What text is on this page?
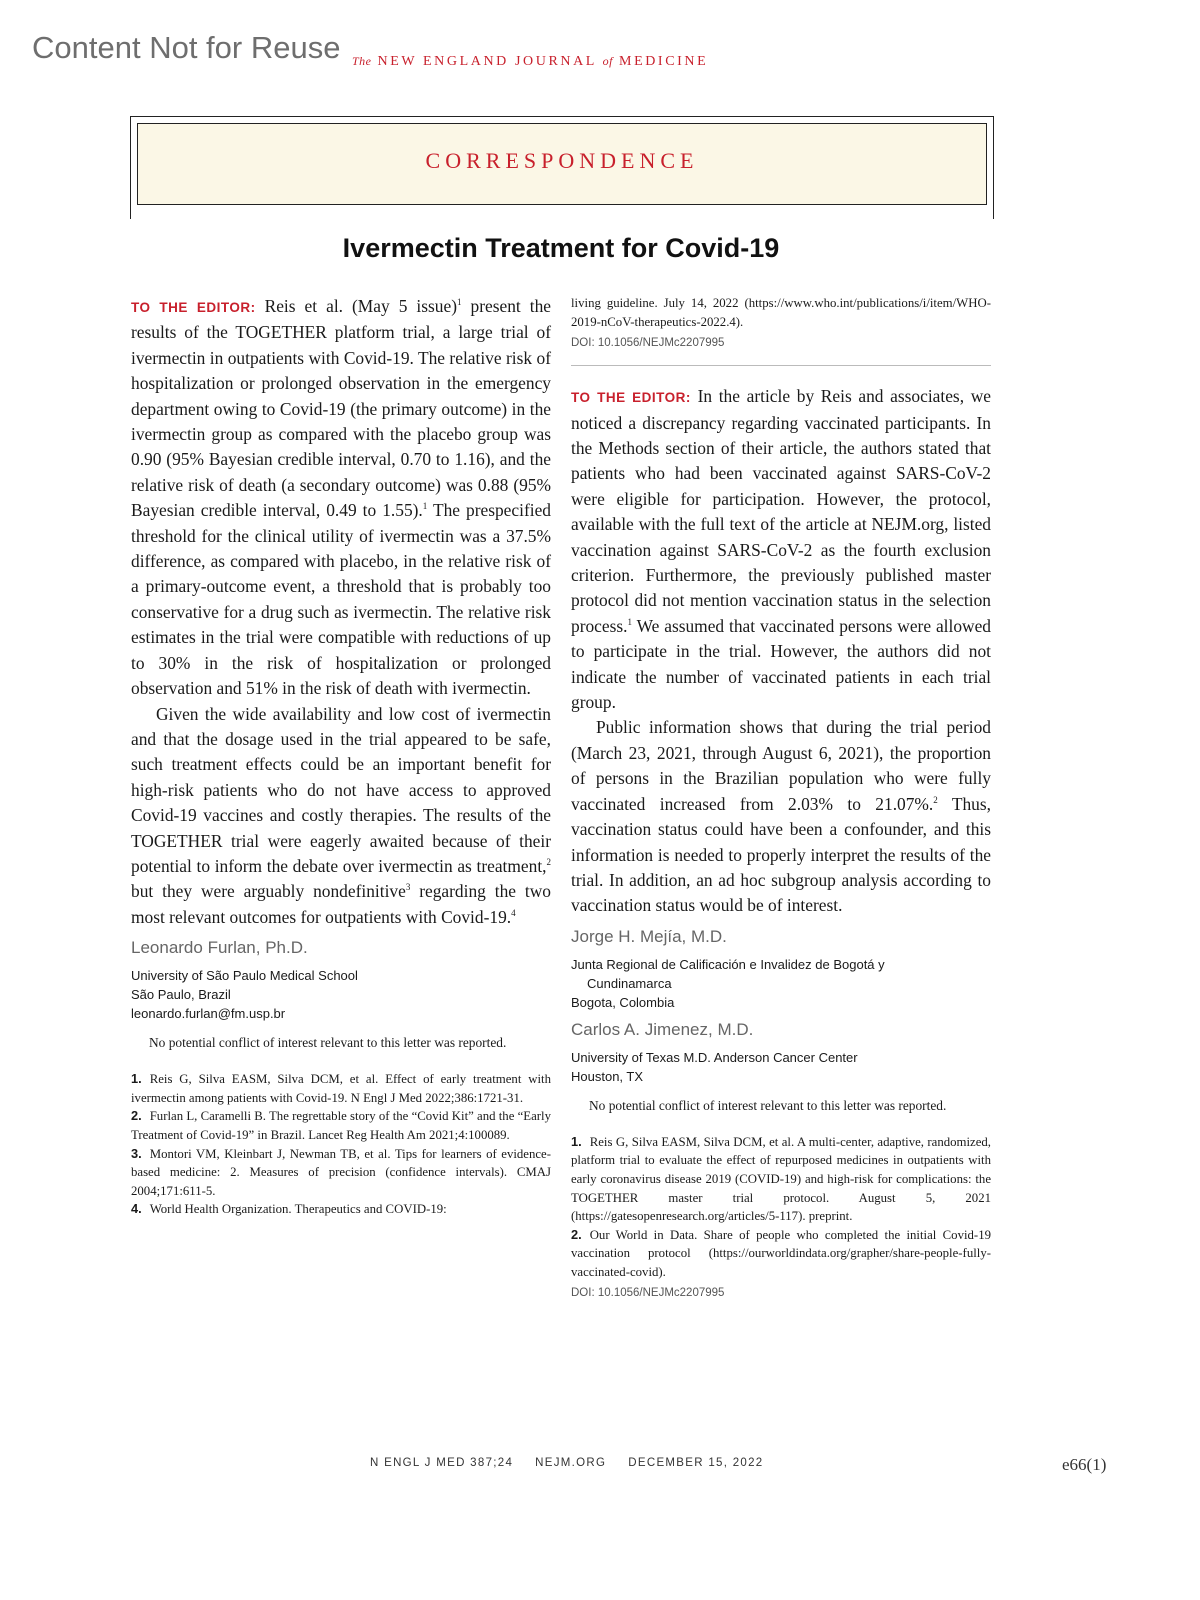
Content Not for Reuse The NEW ENGLAND JOURNAL of MEDICINE
CORRESPONDENCE
Ivermectin Treatment for Covid-19

TO THE EDITOR: Reis et al. (May 5 issue)$^1$ present the results of the TOGETHER platform trial, a large trial of ivermectin in outpatients with Covid-19. The relative risk of hospitalization or prolonged observation in the emergency department owing to Covid-19 (the primary outcome) in the ivermectin group as compared with the placebo group was 0.90 (95% Bayesian credible interval, 0.70 to 1.16), and the relative risk of death (a secondary outcome) was 0.88 (95% Bayesian credible interval, 0.49 to 1.55).$^1$ The prespecified threshold for the clinical utility of ivermectin was a 37.5% difference, as compared with placebo, in the relative risk of a primary-outcome event, a threshold that is probably too conservative for a drug such as ivermectin. The relative risk estimates in the trial were compatible with reductions of up to 30% in the risk of hospitalization or prolonged observation and 51% in the risk of death with ivermectin.

Given the wide availability and low cost of ivermectin and that the dosage used in the trial appeared to be safe, such treatment effects could be an important benefit for high-risk patients who do not have access to approved Covid-19 vaccines and costly therapies. The results of the TOGETHER trial were eagerly awaited because of their potential to inform the debate over ivermectin as treatment,$^2$ but they were arguably nondefinitive$^3$ regarding the two most relevant outcomes for outpatients with Covid-19.$^4$

Leonardo Furlan, Ph.D.
University of São Paulo Medical School
São Paulo, Brazil
leonardo.furlan@fm.usp.br
No potential conflict of interest relevant to this letter was reported.
1. Reis G, Silva EASM, Silva DCM, et al. Effect of early treatment with ivermectin among patients with Covid-19. N Engl J Med 2022;386:1721-31.
2. Furlan L, Caramelli B. The regrettable story of the “Covid Kit” and the “Early Treatment of Covid-19” in Brazil. Lancet Reg Health Am 2021;4:100089.
3. Montori VM, Kleinbart J, Newman TB, et al. Tips for learners of evidence-based medicine: 2. Measures of precision (confidence intervals). CMAJ 2004;171:611-5.
4. World Health Organization. Therapeutics and COVID-19:
living guideline. July 14, 2022 (https://www.who.int/publications/i/item/WHO-2019-nCoV-therapeutics-2022.4).
DOI: 10.1056/NEJMc2207995

TO THE EDITOR: In the article by Reis and associates, we noticed a discrepancy regarding vaccinated participants. In the Methods section of their article, the authors stated that patients who had been vaccinated against SARS-CoV-2 were eligible for participation. However, the protocol, available with the full text of the article at NEJM.org, listed vaccination against SARS-CoV-2 as the fourth exclusion criterion. Furthermore, the previously published master protocol did not mention vaccination status in the selection process.$^1$ We assumed that vaccinated persons were allowed to participate in the trial. However, the authors did not indicate the number of vaccinated patients in each trial group.

Public information shows that during the trial period (March 23, 2021, through August 6, 2021), the proportion of persons in the Brazilian population who were fully vaccinated increased from 2.03% to 21.07%.$^2$ Thus, vaccination status could have been a confounder, and this information is needed to properly interpret the results of the trial. In addition, an ad hoc subgroup analysis according to vaccination status would be of interest.

Jorge H. Mejía, M.D.
Junta Regional de Calificación e Invalidez de Bogotá y
Cundinamarca
Bogota, Colombia
Carlos A. Jimenez, M.D.
University of Texas M.D. Anderson Cancer Center
Houston, TX
No potential conflict of interest relevant to this letter was reported.
1. Reis G, Silva EASM, Silva DCM, et al. A multi-center, adaptive, randomized, platform trial to evaluate the effect of repurposed medicines in outpatients with early coronavirus disease 2019 (COVID-19) and high-risk for complications: the TOGETHER master trial protocol. August 5, 2021 (https://gatesopenresearch.org/articles/5-117). preprint.
2. Our World in Data. Share of people who completed the initial Covid-19 vaccination protocol (https://ourworldindata.org/grapher/share-people-fully-vaccinated-covid).
DOI: 10.1056/NEJMc2207995
N ENGL J MED 387;24 NEJM.ORG DECEMBER 15, 2022	e66(1)
